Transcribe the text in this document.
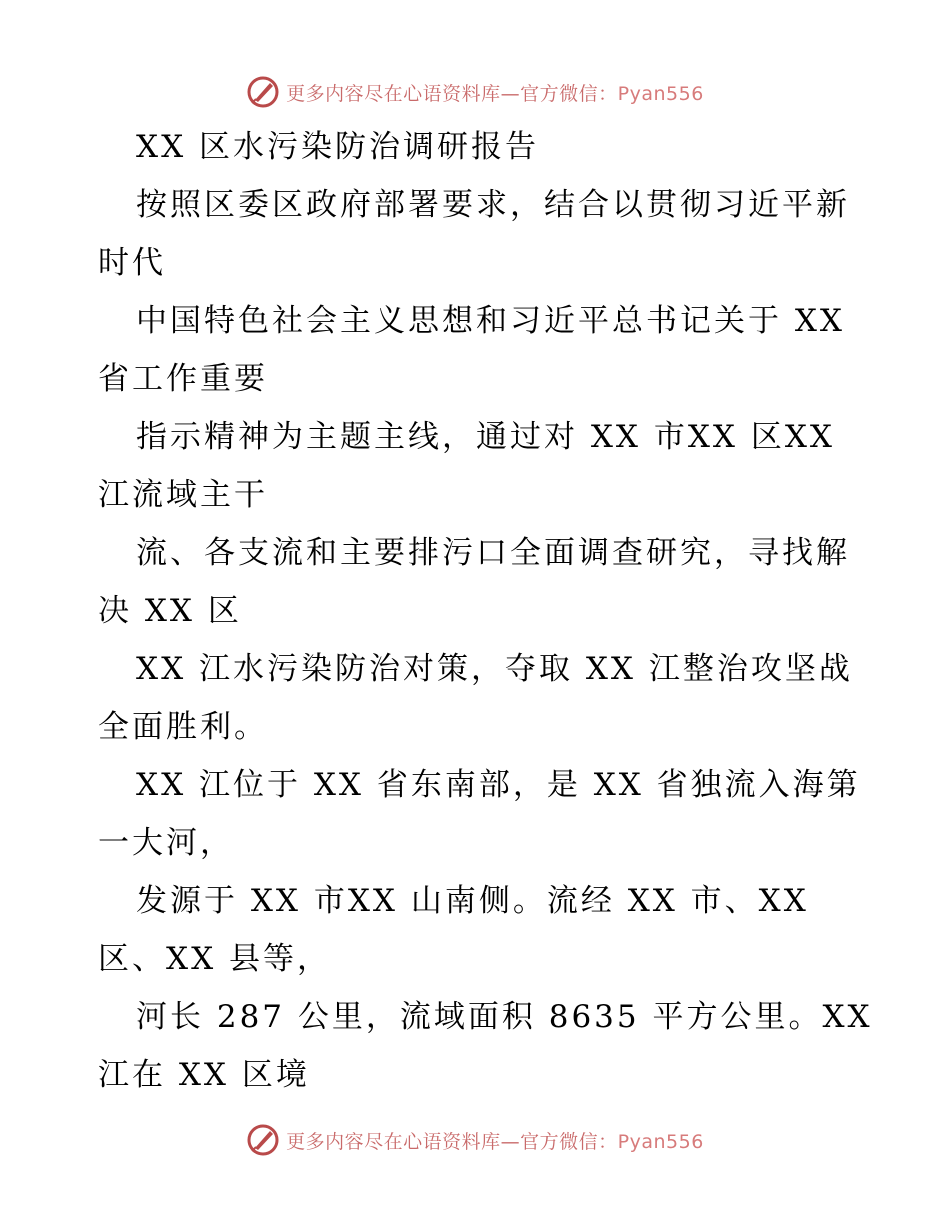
更多内容尽在心语资料库—官方微信：Pyan556
XX 区水污染防治调研报告
按照区委区政府部署要求，结合以贯彻习近平新
时代
中国特色社会主义思想和习近平总书记关于 XX
省工作重要
指示精神为主题主线，通过对 XX 市XX 区XX
江流域主干
流、各支流和主要排污口全面调查研究，寻找解
决 XX 区
XX 江水污染防治对策，夺取 XX 江整治攻坚战
全面胜利。
XX 江位于 XX 省东南部，是 XX 省独流入海第
一大河，
发源于 XX 市XX 山南侧。流经 XX 市、XX
区、XX 县等，
河长 287 公里，流域面积 8635 平方公里。XX
江在 XX 区境
更多内容尽在心语资料库—官方微信：Pyan556
